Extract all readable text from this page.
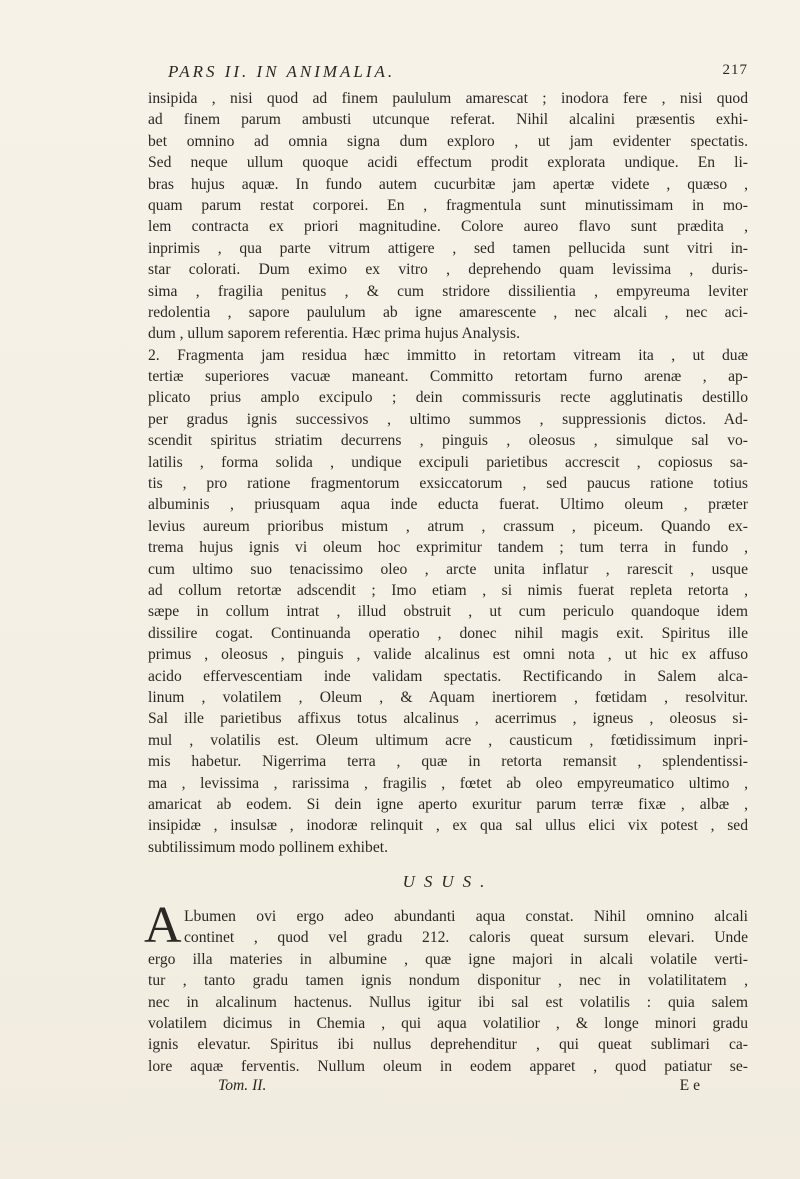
PARS II. IN ANIMALIA.	217
insipida , nisi quod ad finem paululum amarescat ; inodora fere , nisi quod
ad finem parum ambusti utcunque referat. Nihil alcalini præsentis exhi-
bet omnino ad omnia signa dum exploro , ut jam evidenter spectatis.
Sed neque ullum quoque acidi effectum prodit explorata undique. En li-
bras hujus aquæ. In fundo autem cucurbitæ jam apertæ videte , quæso ,
quam parum restat corporei. En , fragmentula sunt minutissimam in mo-
lem contracta ex priori magnitudine. Colore aureo flavo sunt prædita ,
inprimis , qua parte vitrum attigere , sed tamen pellucida sunt vitri in-
star colorati. Dum eximo ex vitro , deprehendo quam levissima , duris-
sima , fragilia penitus , & cum stridore dissilientia , empyreuma leviter
redolentia , sapore paululum ab igne amarescente , nec alcali , nec aci-
dum , ullum saporem referentia. Hæc prima hujus Analysis.
2. Fragmenta jam residua hæc immitto in retortam vitream ita , ut duæ
tertiæ superiores vacuæ maneant. Committo retortam furno arenæ , ap-
plicato prius amplo excipulo ; dein commissuris recte agglutinatis destillo
per gradus ignis successivos , ultimo summos , suppressionis dictos. Ad-
scendit spiritus striatim decurrens , pinguis , oleosus , simulque sal vo-
latilis , forma solida , undique excipuli parietibus accrescit , copiosus sa-
tis , pro ratione fragmentorum exsiccatorum , sed paucus ratione totius
albuminis , priusquam aqua inde educta fuerat. Ultimo oleum , præter
levius aureum prioribus mistum , atrum , crassum , piceum. Quando ex-
trema hujus ignis vi oleum hoc exprimitur tandem ; tum terra in fundo ,
cum ultimo suo tenacissimo oleo , arcte unita inflatur , rarescit , usque
ad collum retortæ adscendit ; Imo etiam , si nimis fuerat repleta retorta ,
sæpe in collum intrat , illud obstruit , ut cum periculo quandoque idem
dissilire cogat. Continuanda operatio , donec nihil magis exit. Spiritus ille
primus , oleosus , pinguis , valide alcalinus est omni nota , ut hic ex affuso
acido effervescentiam inde validam spectatis. Rectificando in Salem alca-
linum , volatilem , Oleum , & Aquam inertiorem , fœtidam , resolvitur.
Sal ille parietibus affixus totus alcalinus , acerrimus , igneus , oleosus si-
mul , volatilis est. Oleum ultimum acre , causticum , fœtidissimum inpri-
mis habetur. Nigerrima terra , quæ in retorta remansit , splendentissi-
ma , levissima , rarissima , fragilis , fœtet ab oleo empyreumatico ultimo ,
amaricat ab eodem. Si dein igne aperto exuritur parum terræ fixæ , albæ ,
insipidæ , insulsæ , inodoræ relinquit , ex qua sal ullus elici vix potest , sed
subtilissimum modo pollinem exhibet.
USUS.
A Lbumen ovi ergo adeo abundanti aqua constat. Nihil omnino alcali
continet , quod vel gradu 212. caloris queat sursum elevari. Unde
ergo illa materies in albumine , quæ igne majori in alcali volatile verti-
tur , tanto gradu tamen ignis nondum disponitur , nec in volatilitatem ,
nec in alcalinum hactenus. Nullus igitur ibi sal est volatilis : quia salem
volatilem dicimus in Chemia , qui aqua volatilior , & longe minori gradu
ignis elevatur. Spiritus ibi nullus deprehenditur , qui queat sublimari ca-
lore aquæ ferventis. Nullum oleum in eodem apparet , quod patiatur se-
Tom. II.	E e
